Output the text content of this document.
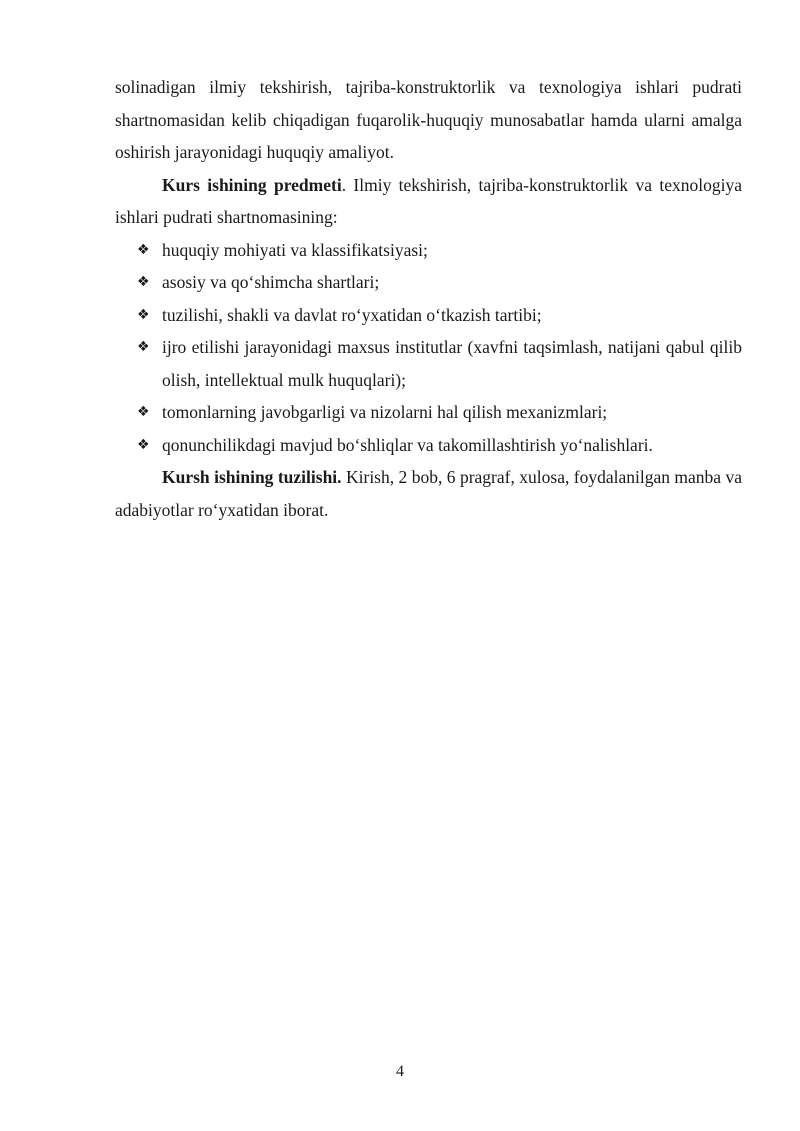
solinadigan ilmiy tekshirish, tajriba-konstruktorlik va texnologiya ishlari pudrati shartnomasidan kelib chiqadigan fuqarolik-huquqiy munosabatlar hamda ularni amalga oshirish jarayonidagi huquqiy amaliyot.

Kurs ishining predmeti. Ilmiy tekshirish, tajriba-konstruktorlik va texnologiya ishlari pudrati shartnomasining:

❖ huquqiy mohiyati va klassifikatsiyasi;
❖ asosiy va qo‘shimcha shartlari;
❖ tuzilishi, shakli va davlat ro‘yxatidan o‘tkazish tartibi;
❖ ijro etilishi jarayonidagi maxsus institutlar (xavfni taqsimlash, natijani qabul qilib olish, intellektual mulk huquqlari);
❖ tomonlarning javobgarligi va nizolarni hal qilish mexanizmlari;
❖ qonunchilikdagi mavjud bo‘shliqlar va takomillashtirish yo‘nalishlari.

Kursh ishining tuzilishi. Kirish, 2 bob, 6 pragraf, xulosa, foydalanilgan manba va adabiyotlar ro‘yxatidan iborat.

4
